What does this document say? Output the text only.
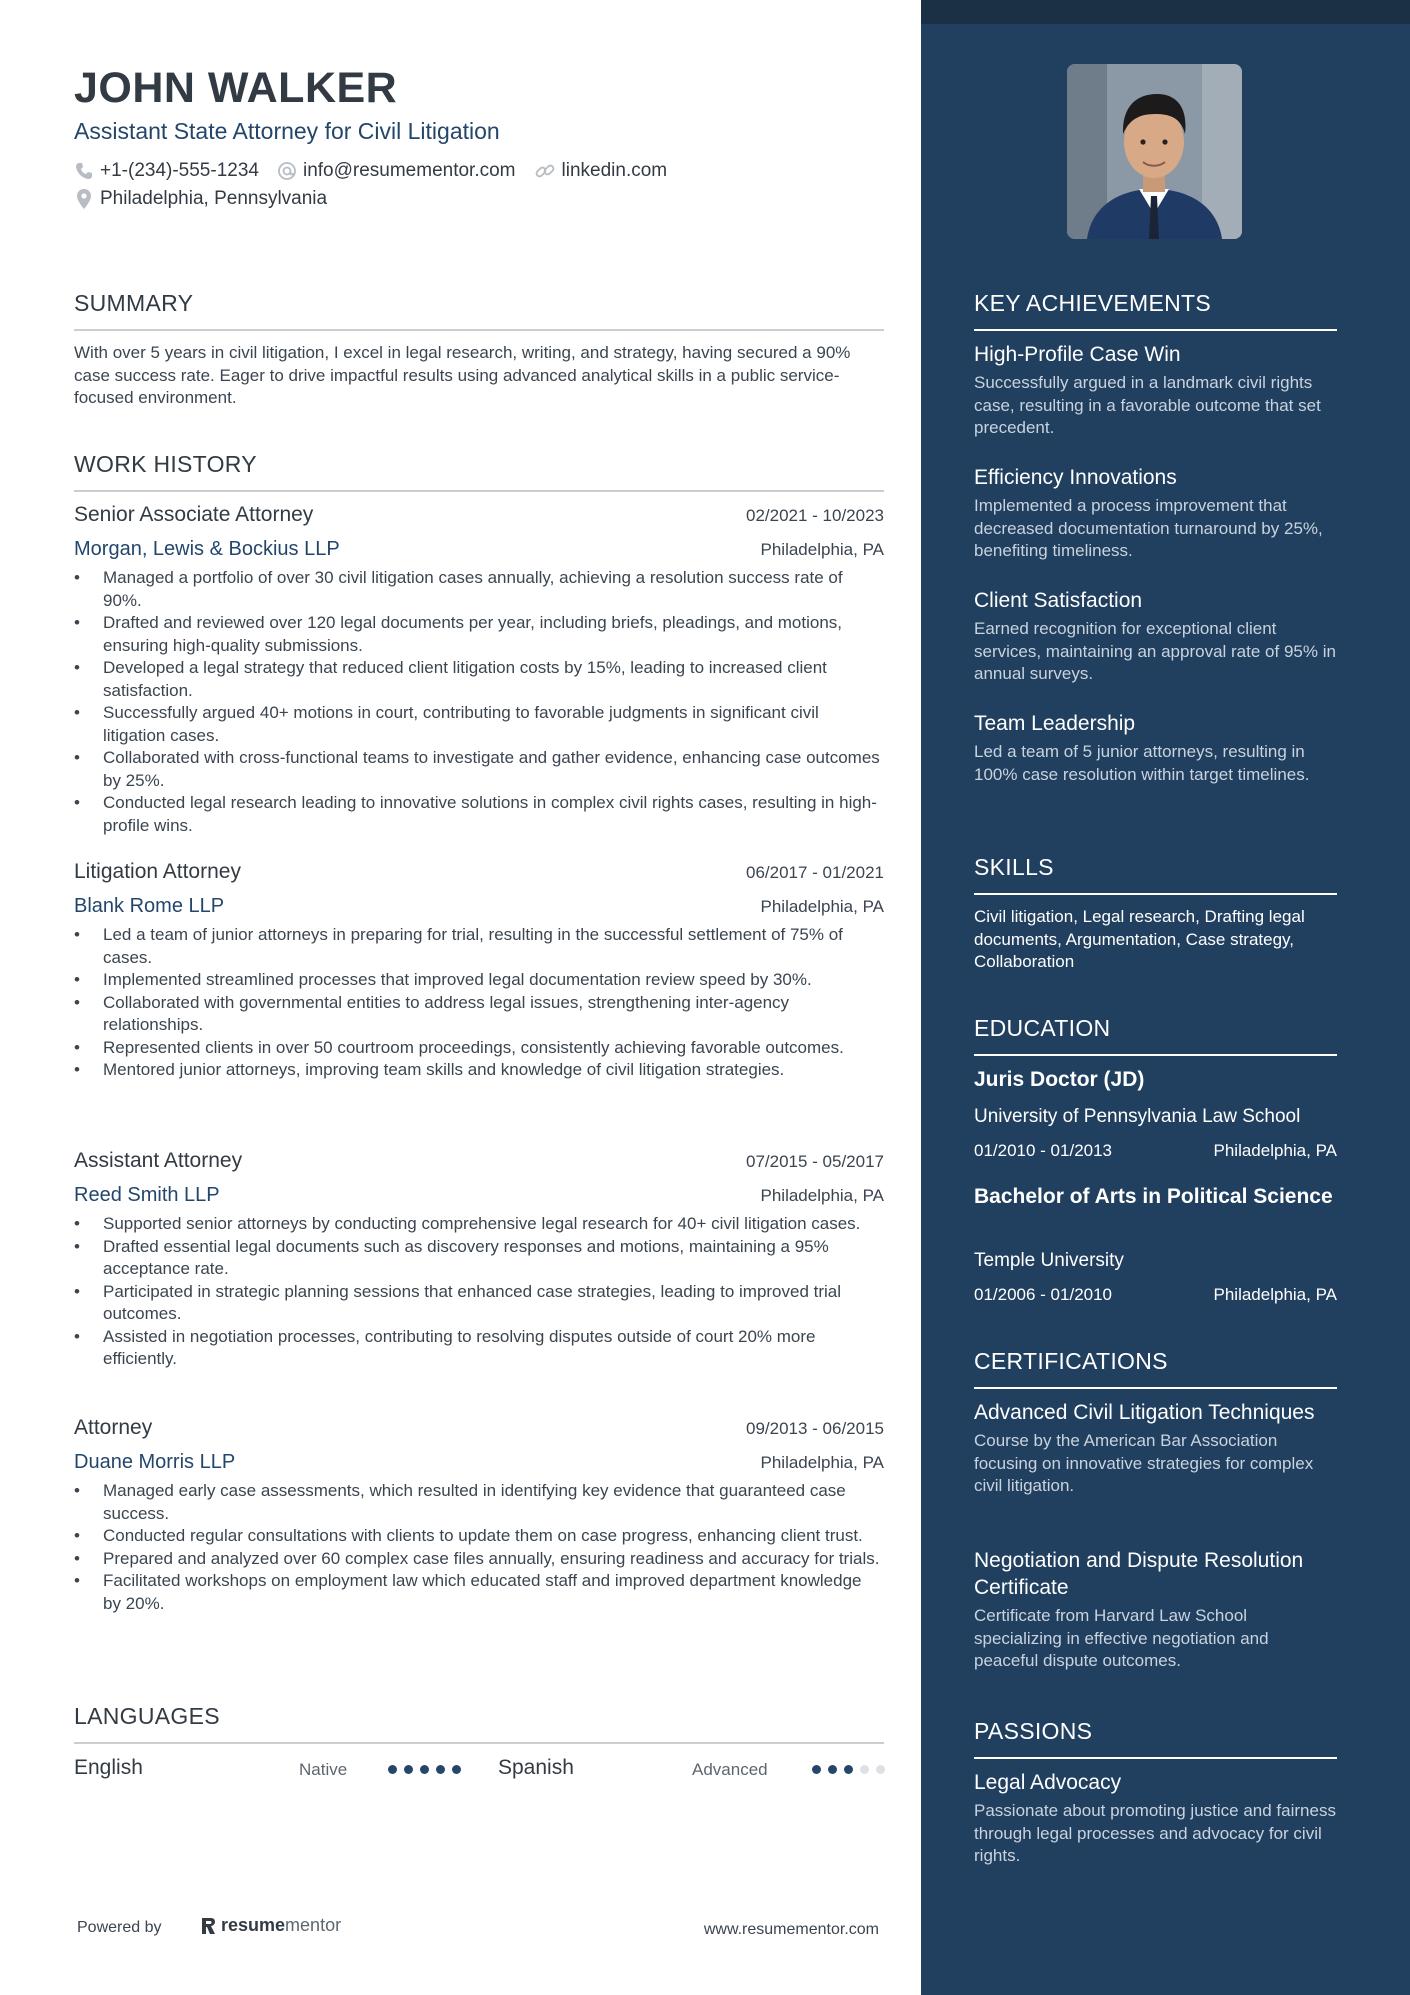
JOHN WALKER
Assistant State Attorney for Civil Litigation
+1-(234)-555-1234 info@resumementor.com linkedin.com
Philadelphia, Pennsylvania
SUMMARY

With over 5 years in civil litigation, I excel in legal research, writing, and strategy, having secured a 90% case success rate. Eager to drive impactful results using advanced analytical skills in a public service-focused environment.

WORK HISTORY
Senior Associate Attorney	02/2021 - 10/2023
Morgan, Lewis & Bockius LLP	Philadelphia, PA
• Managed a portfolio of over 30 civil litigation cases annually, achieving a resolution success rate of 90%.
• Drafted and reviewed over 120 legal documents per year, including briefs, pleadings, and motions, ensuring high-quality submissions.
• Developed a legal strategy that reduced client litigation costs by 15%, leading to increased client satisfaction.
• Successfully argued 40+ motions in court, contributing to favorable judgments in significant civil litigation cases.
• Collaborated with cross-functional teams to investigate and gather evidence, enhancing case outcomes by 25%.
• Conducted legal research leading to innovative solutions in complex civil rights cases, resulting in high-profile wins.
Litigation Attorney	06/2017 - 01/2021
Blank Rome LLP	Philadelphia, PA
• Led a team of junior attorneys in preparing for trial, resulting in the successful settlement of 75% of cases.
• Implemented streamlined processes that improved legal documentation review speed by 30%.
• Collaborated with governmental entities to address legal issues, strengthening inter-agency relationships.
• Represented clients in over 50 courtroom proceedings, consistently achieving favorable outcomes.
• Mentored junior attorneys, improving team skills and knowledge of civil litigation strategies.
Assistant Attorney	07/2015 - 05/2017
Reed Smith LLP	Philadelphia, PA
• Supported senior attorneys by conducting comprehensive legal research for 40+ civil litigation cases.
• Drafted essential legal documents such as discovery responses and motions, maintaining a 95% acceptance rate.
• Participated in strategic planning sessions that enhanced case strategies, leading to improved trial outcomes.
• Assisted in negotiation processes, contributing to resolving disputes outside of court 20% more efficiently.
Attorney	09/2013 - 06/2015
Duane Morris LLP	Philadelphia, PA
• Managed early case assessments, which resulted in identifying key evidence that guaranteed case success.
• Conducted regular consultations with clients to update them on case progress, enhancing client trust.
• Prepared and analyzed over 60 complex case files annually, ensuring readiness and accuracy for trials.
• Facilitated workshops on employment law which educated staff and improved department knowledge by 20%.
LANGUAGES
English	Native	Spanish	Advanced
Powered by	resume mentor	www.resumementor.com
KEY ACHIEVEMENTS

High-Profile Case Win

Successfully argued in a landmark civil rights case, resulting in a favorable outcome that set precedent.

Efficiency Innovations

Implemented a process improvement that decreased documentation turnaround by 25%, benefiting timeliness.

Client Satisfaction

Earned recognition for exceptional client services, maintaining an approval rate of 95% in annual surveys.

Team Leadership

Led a team of 5 junior attorneys, resulting in 100% case resolution within target timelines.

SKILLS

Civil litigation, Legal research, Drafting legal documents, Argumentation, Case strategy, Collaboration

EDUCATION
Juris Doctor (JD)
University of Pennsylvania Law School
01/2010 - 01/2013	Philadelphia, PA
Bachelor of Arts in Political Science
Temple University
01/2006 - 01/2010	Philadelphia, PA
CERTIFICATIONS

Advanced Civil Litigation Techniques

Course by the American Bar Association focusing on innovative strategies for complex civil litigation.

Negotiation and Dispute Resolution Certificate

Certificate from Harvard Law School specializing in effective negotiation and peaceful dispute outcomes.

PASSIONS

Legal Advocacy

Passionate about promoting justice and fairness through legal processes and advocacy for civil rights.
